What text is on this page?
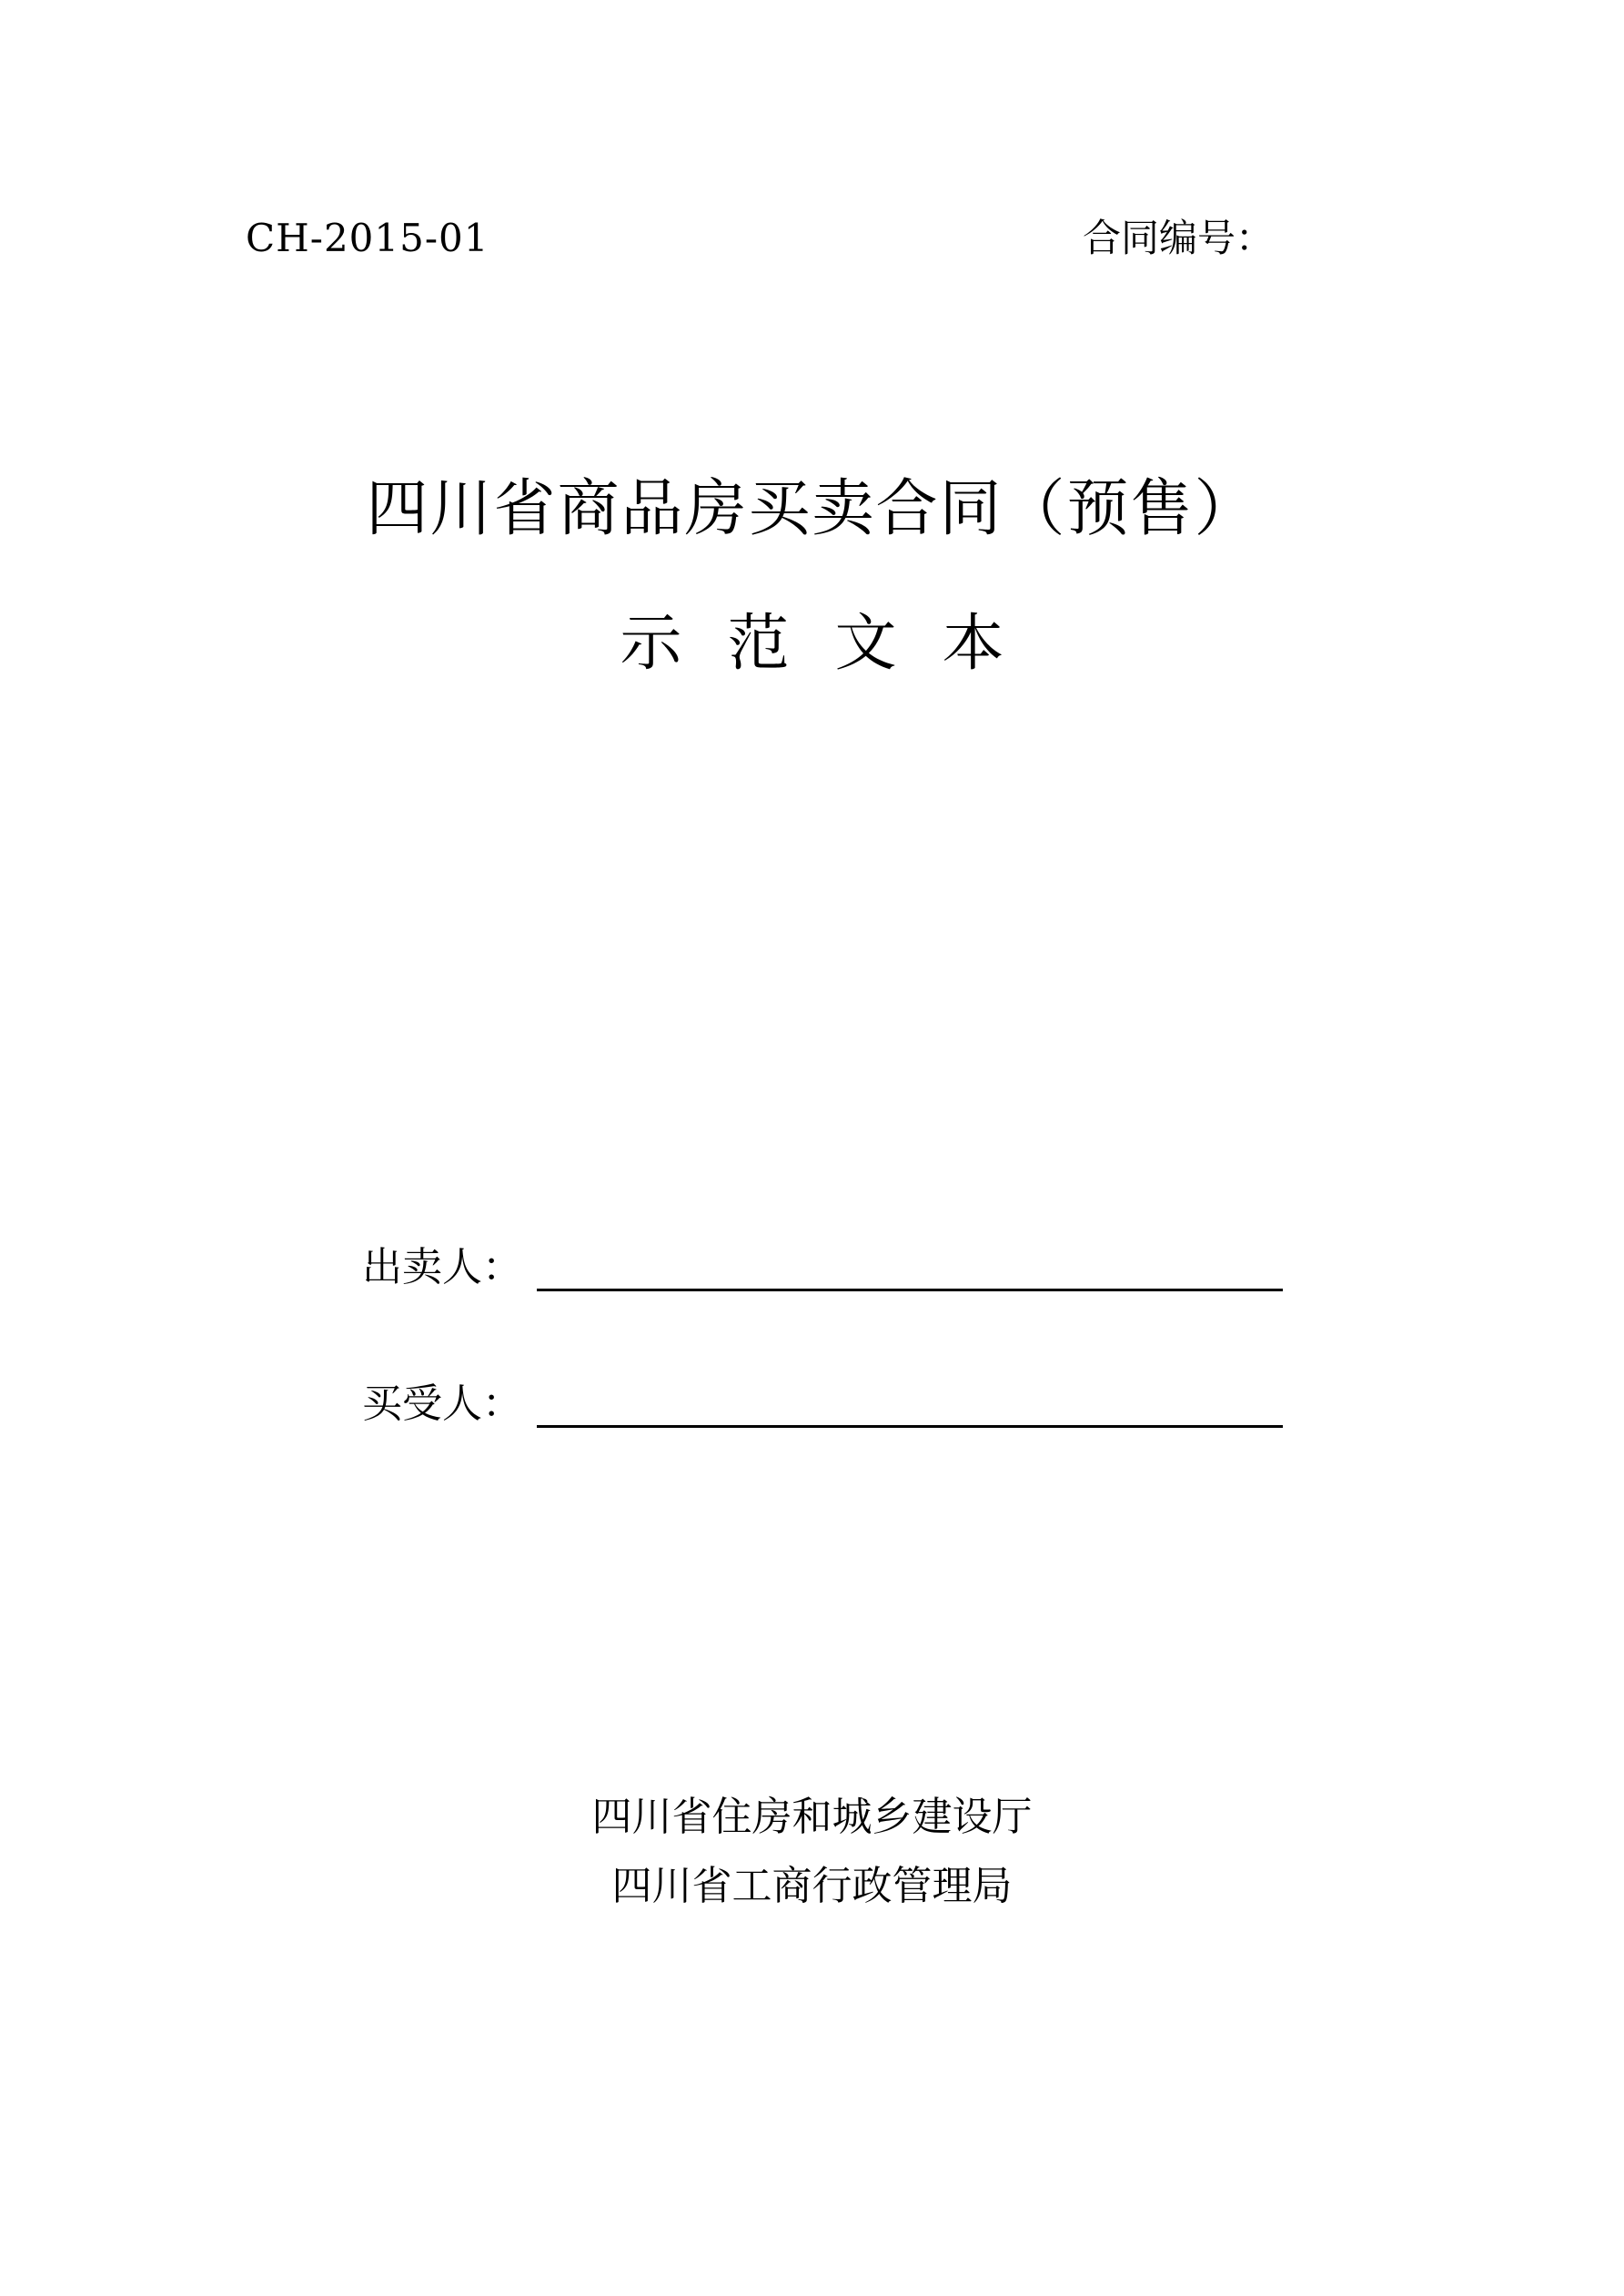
CH-2015-01	合同编号：
四川省商品房买卖合同（预售）
示范文本
出卖人：
买受人：
四川省住房和城乡建设厅
四川省工商行政管理局
